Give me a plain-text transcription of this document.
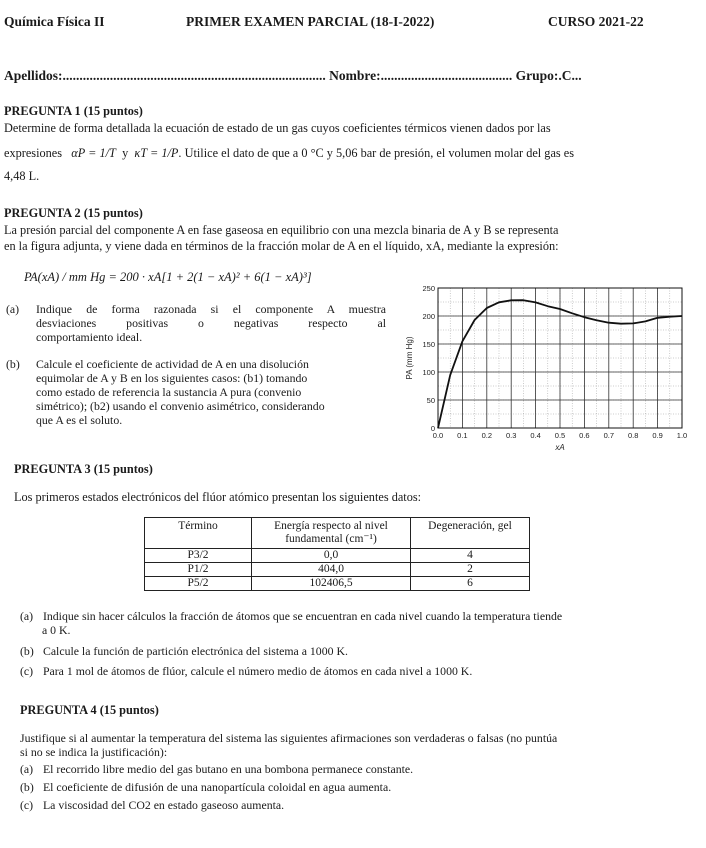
Química Física II	PRIMER EXAMEN PARCIAL (18-I-2022)	CURSO 2021-22
Apellidos:.............................................................................. Nombre:....................................... Grupo:.C...
PREGUNTA 1 (15 puntos)
Determine de forma detallada la ecuación de estado de un gas cuyos coeficientes térmicos vienen dados por las
expresiones αP = 1/T y κT = 1/P. Utilice el dato de que a 0 °C y 5,06 bar de presión, el volumen molar del gas es
4,48 L.
PREGUNTA 2 (15 puntos)
La presión parcial del componente A en fase gaseosa en equilibrio con una mezcla binaria de A y B se representa
en la figura adjunta, y viene dada en términos de la fracción molar de A en el líquido, xA, mediante la expresión:
PA(xA) / mm Hg = 200 · xA[1 + 2(1 − xA)² + 6(1 − xA)³]
(a)	Indique de forma razonada si el componente A muestra
desviaciones positivas o negativas respecto al
comportamiento ideal.
(b)	Calcule el coeficiente de actividad de A en una disolución
equimolar de A y B en los siguientes casos: (b1) tomando
como estado de referencia la sustancia A pura (convenio
simétrico); (b2) usando el convenio asimétrico, considerando
que A es el soluto.
0.0 0.1 0.2 0.3 0.4 0.5 0.6 0.7 0.8 0.9 1.0
0
50
100
150
200
250
xA
PA (mm Hg)
PREGUNTA 3 (15 puntos)
Los primeros estados electrónicos del flúor atómico presentan los siguientes datos:
Término	Energía respecto al nivel fundamental (cm⁻¹)	Degeneración, gel
P3/2	0,0	4
P1/2	404,0	2
P5/2	102406,5	6
(a) Indique sin hacer cálculos la fracción de átomos que se encuentran en cada nivel cuando la temperatura tiende
a 0 K.
(b) Calcule la función de partición electrónica del sistema a 1000 K.
(c) Para 1 mol de átomos de flúor, calcule el número medio de átomos en cada nivel a 1000 K.
PREGUNTA 4 (15 puntos)
Justifique si al aumentar la temperatura del sistema las siguientes afirmaciones son verdaderas o falsas (no puntúa
si no se indica la justificación):
(a) El recorrido libre medio del gas butano en una bombona permanece constante.
(b) El coeficiente de difusión de una nanopartícula coloidal en agua aumenta.
(c) La viscosidad del CO2 en estado gaseoso aumenta.
